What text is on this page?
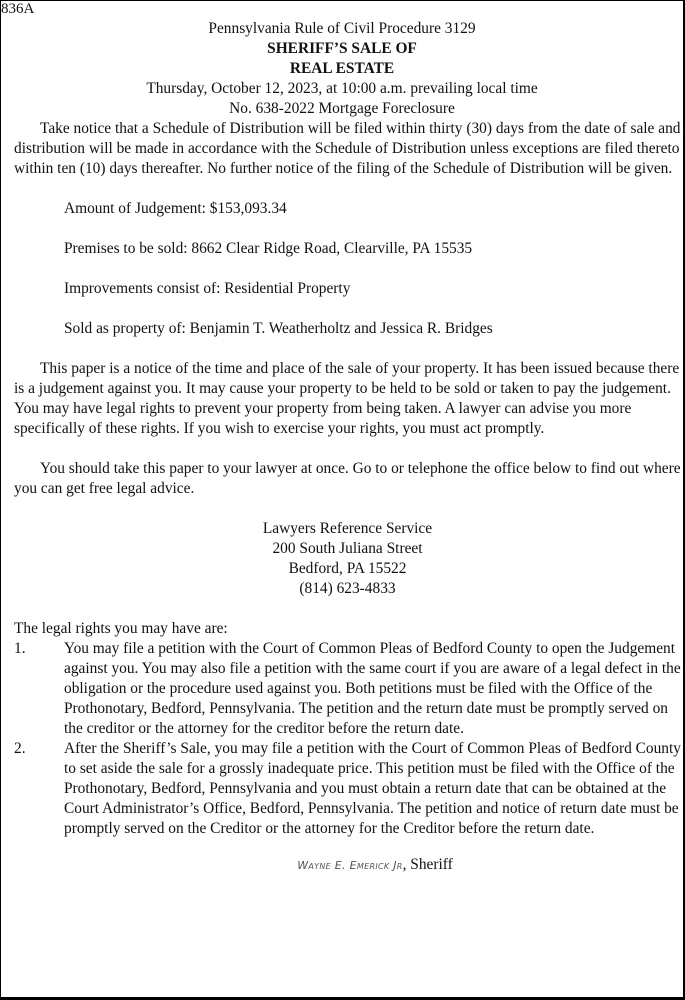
836A
Pennsylvania Rule of Civil Procedure 3129
SHERIFF’S SALE OF
REAL ESTATE
Thursday, October 12, 2023, at 10:00 a.m. prevailing local time
No. 638-2022 Mortgage Foreclosure

Take notice that a Schedule of Distribution will be filed within thirty (30) days from the date of sale and distribution will be made in accordance with the Schedule of Distribution unless exceptions are filed thereto within ten (10) days thereafter. No further notice of the filing of the Schedule of Distribution will be given.

Amount of Judgement: $153,093.34
Premises to be sold: 8662 Clear Ridge Road, Clearville, PA 15535
Improvements consist of: Residential Property
Sold as property of: Benjamin T. Weatherholtz and Jessica R. Bridges

This paper is a notice of the time and place of the sale of your property. It has been issued because there is a judgement against you. It may cause your property to be held to be sold or taken to pay the judgement. You may have legal rights to prevent your property from being taken. A lawyer can advise you more specifically of these rights. If you wish to exercise your rights, you must act promptly.

You should take this paper to your lawyer at once. Go to or telephone the office below to find out where you can get free legal advice.

Lawyers Reference Service
200 South Juliana Street
Bedford, PA 15522
(814) 623-4833
The legal rights you may have are:
1. You may file a petition with the Court of Common Pleas of Bedford County to open the Judgement against you. You may also file a petition with the same court if you are aware of a legal defect in the obligation or the procedure used against you. Both petitions must be filed with the Office of the Prothonotary, Bedford, Pennsylvania. The petition and the return date must be promptly served on the creditor or the attorney for the creditor before the return date.
2. After the Sheriff’s Sale, you may file a petition with the Court of Common Pleas of Bedford County to set aside the sale for a grossly inadequate price. This petition must be filed with the Office of the Prothonotary, Bedford, Pennsylvania and you must obtain a return date that can be obtained at the Court Administrator’s Office, Bedford, Pennsylvania. The petition and notice of return date must be promptly served on the Creditor or the attorney for the Creditor before the return date.
Wayne E. Emerick Jr, Sheriff
